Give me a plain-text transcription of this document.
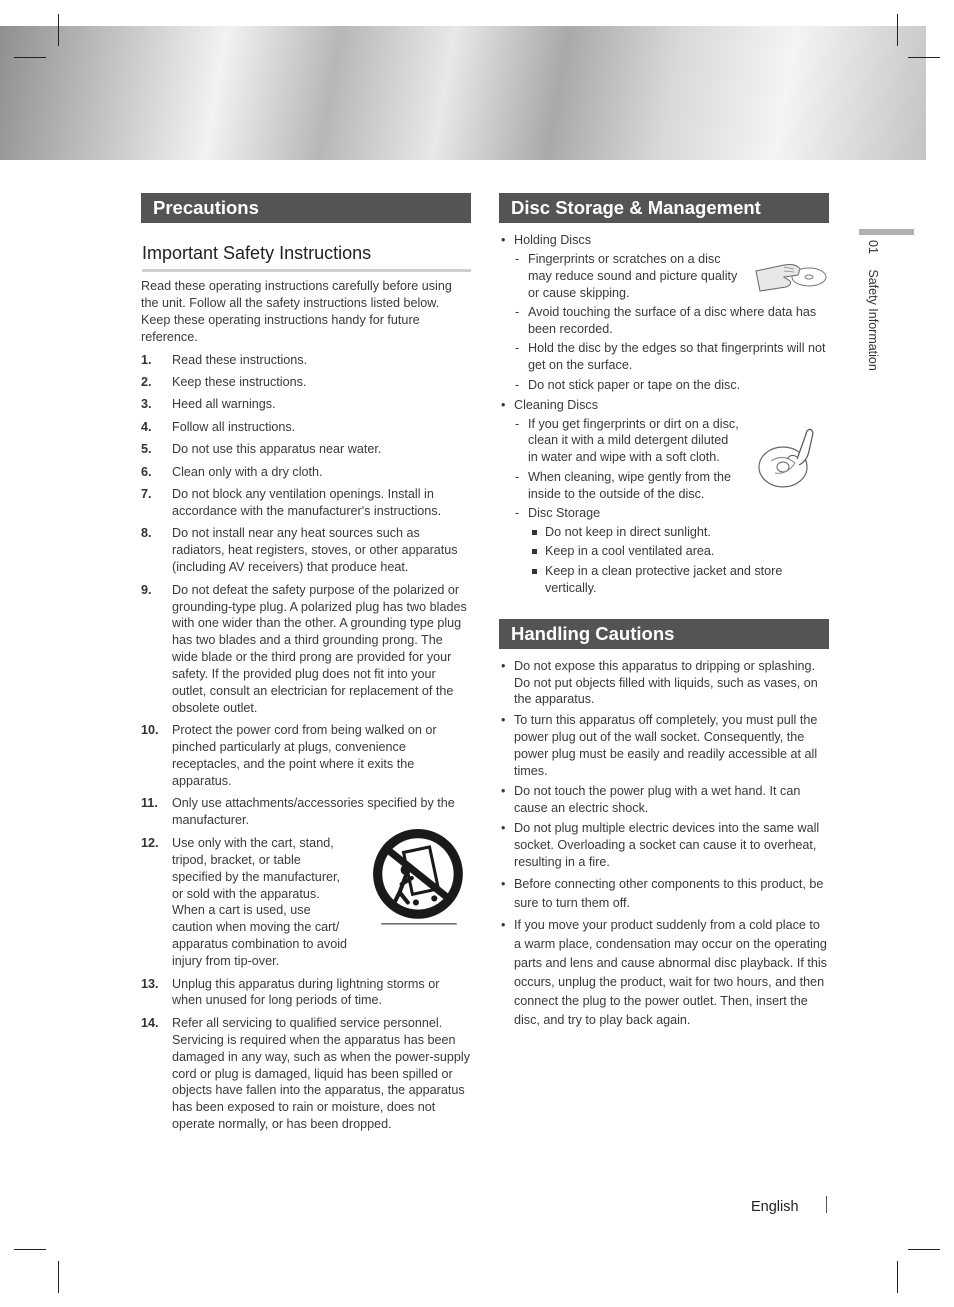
Precautions
Important Safety Instructions

Read these operating instructions carefully before using the unit. Follow all the safety instructions listed below. Keep these operating instructions handy for future reference.

1.	Read these instructions.
2.	Keep these instructions.
3.	Heed all warnings.
4.	Follow all instructions.
5.	Do not use this apparatus near water.
6.	Clean only with a dry cloth.
7.	Do not block any ventilation openings. Install in accordance with the manufacturer's instructions.
8.	Do not install near any heat sources such as radiators, heat registers, stoves, or other apparatus (including AV receivers) that produce heat.
9.	Do not defeat the safety purpose of the polarized or grounding-type plug. A polarized plug has two blades with one wider than the other. A grounding type plug has two blades and a third grounding prong. The wide blade or the third prong are provided for your safety. If the provided plug does not fit into your outlet, consult an electrician for replacement of the obsolete outlet.
10.	Protect the power cord from being walked on or pinched particularly at plugs, convenience receptacles, and the point where it exits the apparatus.
11.	Only use attachments/accessories specified by the manufacturer.
12.	Use only with the cart, stand, tripod, bracket, or table specified by the manufacturer, or sold with the apparatus. When a cart is used, use caution when moving the cart/ apparatus combination to avoid injury from tip-over.
13.	Unplug this apparatus during lightning storms or when unused for long periods of time.
14.	Refer all servicing to qualified service personnel. Servicing is required when the apparatus has been damaged in any way, such as when the power-supply cord or plug is damaged, liquid has been spilled or objects have fallen into the apparatus, the apparatus has been exposed to rain or moisture, does not operate normally, or has been dropped.
Disc Storage & Management
• Holding Discs
- Fingerprints or scratches on a disc may reduce sound and picture quality or cause skipping.
- Avoid touching the surface of a disc where data has been recorded.
- Hold the disc by the edges so that fingerprints will not get on the surface.
- Do not stick paper or tape on the disc.
• Cleaning Discs
- If you get fingerprints or dirt on a disc, clean it with a mild detergent diluted in water and wipe with a soft cloth.
- When cleaning, wipe gently from the inside to the outside of the disc.
- Disc Storage
Do not keep in direct sunlight.
Keep in a cool ventilated area.
Keep in a clean protective jacket and store vertically.
Handling Cautions
• Do not expose this apparatus to dripping or splashing. Do not put objects filled with liquids, such as vases, on the apparatus.
• To turn this apparatus off completely, you must pull the power plug out of the wall socket. Consequently, the power plug must be easily and readily accessible at all times.
• Do not touch the power plug with a wet hand. It can cause an electric shock.
• Do not plug multiple electric devices into the same wall socket. Overloading a socket can cause it to overheat, resulting in a fire.
• Before connecting other components to this product, be sure to turn them off.
• If you move your product suddenly from a cold place to a warm place, condensation may occur on the operating parts and lens and cause abnormal disc playback. If this occurs, unplug the product, wait for two hours, and then connect the plug to the power outlet. Then, insert the disc, and try to play back again.
01 Safety Information
English
